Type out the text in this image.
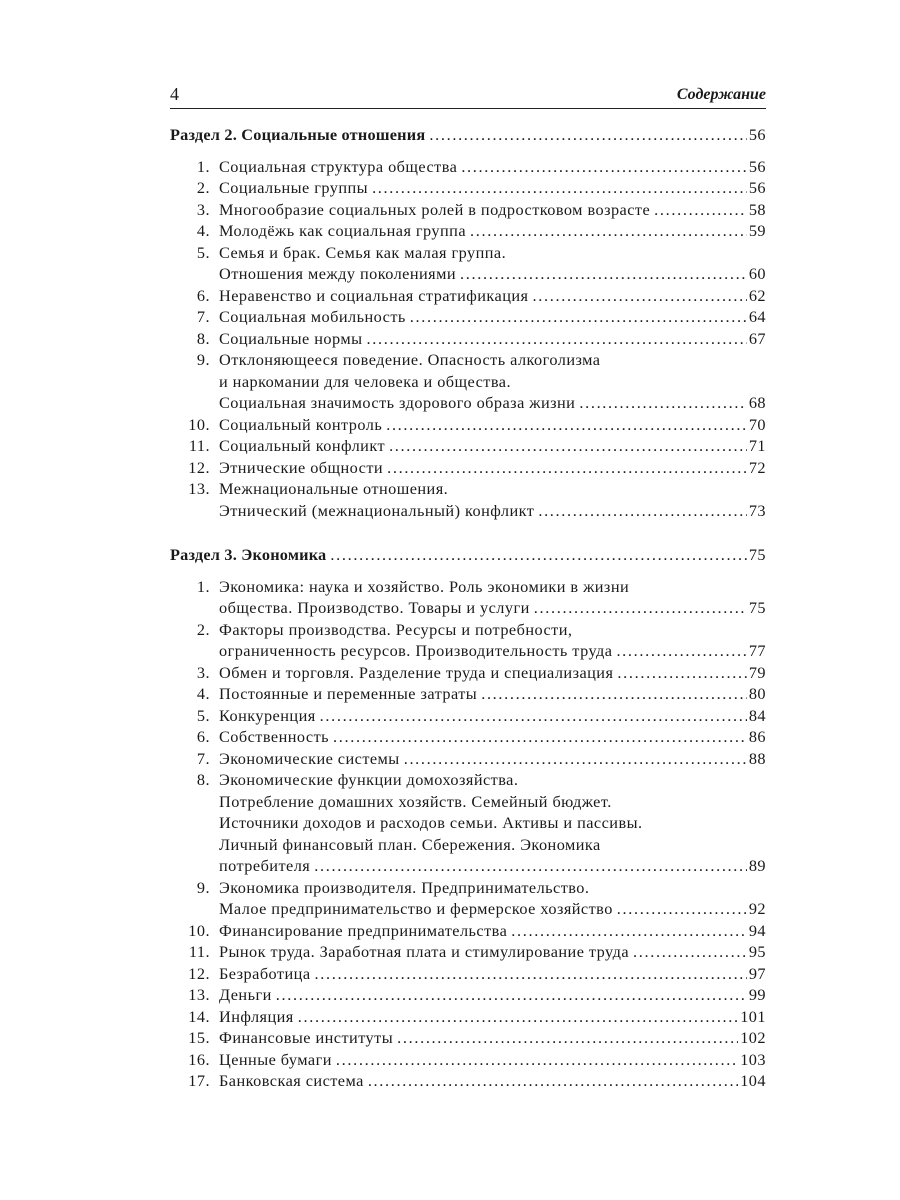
4	Содержание
Раздел 2. Социальные отношения . . .	56
1. Социальная структура общества . . .	56
2. Социальные группы . . .	56
3. Многообразие социальных ролей в подростковом возрасте . . .	58
4. Молодёжь как социальная группа . . .	59
5. Семья и брак. Семья как малая группа.
Отношения между поколениями . . .	60
6. Неравенство и социальная стратификация . . .	62
7. Социальная мобильность . . .	64
8. Социальные нормы . . .	67
9. Отклоняющееся поведение. Опасность алкоголизма
и наркомании для человека и общества.
Социальная значимость здорового образа жизни . . .	68
10. Социальный контроль . . .	70
11. Социальный конфликт . . .	71
12. Этнические общности . . .	72
13. Межнациональные отношения.
Этнический (межнациональный) конфликт . . .	73
Раздел 3. Экономика . . .	75
1. Экономика: наука и хозяйство. Роль экономики в жизни
общества. Производство. Товары и услуги . . .	75
2. Факторы производства. Ресурсы и потребности,
ограниченность ресурсов. Производительность труда . . .	77
3. Обмен и торговля. Разделение труда и специализация . . .	79
4. Постоянные и переменные затраты . . .	80
5. Конкуренция . . .	84
6. Собственность . . .	86
7. Экономические системы . . .	88
8. Экономические функции домохозяйства.
Потребление домашних хозяйств. Семейный бюджет.
Источники доходов и расходов семьи. Активы и пассивы.
Личный финансовый план. Сбережения. Экономика
потребителя . . .	89
9. Экономика производителя. Предпринимательство.
Малое предпринимательство и фермерское хозяйство . . .	92
10. Финансирование предпринимательства . . .	94
11. Рынок труда. Заработная плата и стимулирование труда . . .	95
12. Безработица . . .	97
13. Деньги . . .	99
14. Инфляция . . .	101
15. Финансовые институты . . .	102
16. Ценные бумаги . . .	103
17. Банковская система . . .	104
